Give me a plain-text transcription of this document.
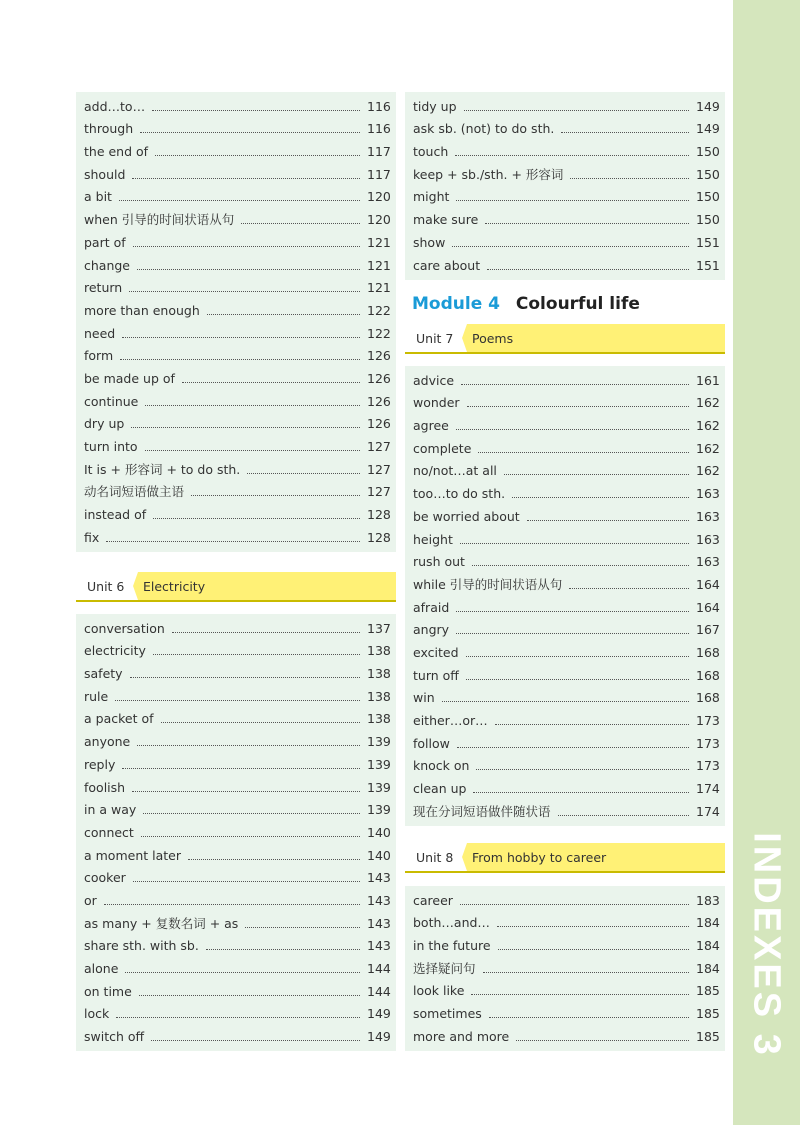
INDEXES 3
add…to…	116
through	116
the end of	117
should	117
a bit	120
when 引导的时间状语从句	120
part of	121
change	121
return	121
more than enough	122
need	122
form	126
be made up of	126
continue	126
dry up	126
turn into	127
It is + 形容词 + to do sth.	127
动名词短语做主语	127
instead of	128
fix	128
Unit 6 Electricity
conversation	137
electricity	138
safety	138
rule	138
a packet of	138
anyone	139
reply	139
foolish	139
in a way	139
connect	140
a moment later	140
cooker	143
or	143
as many + 复数名词 + as	143
share sth. with sb.	143
alone	144
on time	144
lock	149
switch off	149
tidy up	149
ask sb. (not) to do sth.	149
touch	150
keep + sb./sth. + 形容词	150
might	150
make sure	150
show	151
care about	151
Module 4 Colourful life
Unit 7 Poems
advice	161
wonder	162
agree	162
complete	162
no/not…at all	162
too…to do sth.	163
be worried about	163
height	163
rush out	163
while 引导的时间状语从句	164
afraid	164
angry	167
excited	168
turn off	168
win	168
either…or…	173
follow	173
knock on	173
clean up	174
现在分词短语做伴随状语	174
Unit 8 From hobby to career
career	183
both…and…	184
in the future	184
选择疑问句	184
look like	185
sometimes	185
more and more	185
